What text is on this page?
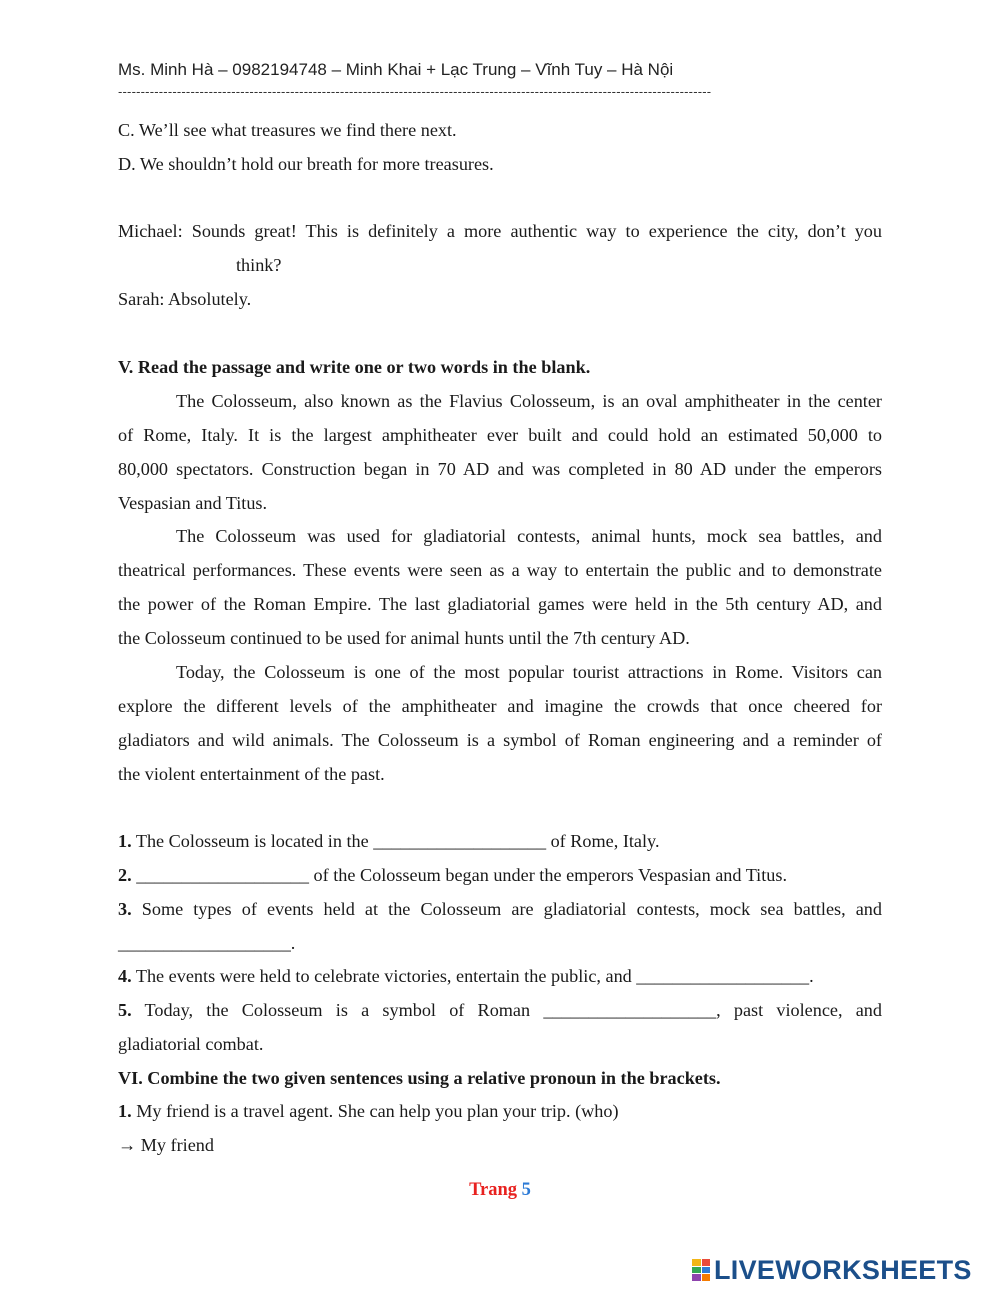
Ms. Minh Hà – 0982194748 – Minh Khai + Lạc Trung – Vĩnh Tuy – Hà Nội
-----------------------------------------------------------------------------------------------------------------------------------
C. We’ll see what treasures we find there next.
D. We shouldn’t hold our breath for more treasures.
Michael: Sounds great! This is definitely a more authentic way to experience the city, don’t you
think?
Sarah: Absolutely.
V. Read the passage and write one or two words in the blank.
The Colosseum, also known as the Flavius Colosseum, is an oval amphitheater in the center
of Rome, Italy. It is the largest amphitheater ever built and could hold an estimated 50,000 to
80,000 spectators. Construction began in 70 AD and was completed in 80 AD under the emperors
Vespasian and Titus.
The Colosseum was used for gladiatorial contests, animal hunts, mock sea battles, and
theatrical performances. These events were seen as a way to entertain the public and to demonstrate
the power of the Roman Empire. The last gladiatorial games were held in the 5th century AD, and
the Colosseum continued to be used for animal hunts until the 7th century AD.
Today, the Colosseum is one of the most popular tourist attractions in Rome. Visitors can
explore the different levels of the amphitheater and imagine the crowds that once cheered for
gladiators and wild animals. The Colosseum is a symbol of Roman engineering and a reminder of
the violent entertainment of the past.
1. The Colosseum is located in the ___________________ of Rome, Italy.
2. ___________________ of the Colosseum began under the emperors Vespasian and Titus.
3. Some types of events held at the Colosseum are gladiatorial contests, mock sea battles, and
___________________.
4. The events were held to celebrate victories, entertain the public, and ___________________.
5. Today, the Colosseum is a symbol of Roman ___________________, past violence, and
gladiatorial combat.
VI. Combine the two given sentences using a relative pronoun in the brackets.
1. My friend is a travel agent. She can help you plan your trip. (who)
→ My friend
Trang 5
LIVEWORKSHEETS
